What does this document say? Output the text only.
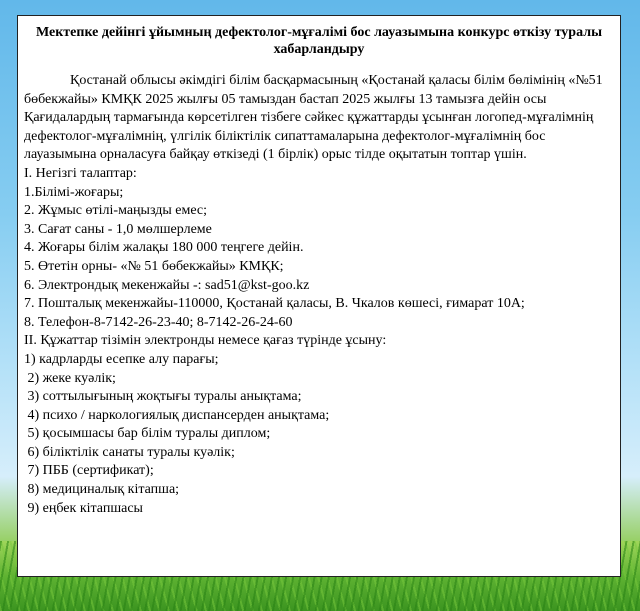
Мектепке дейінгі ұйымның дефектолог-мұғалімі бос лауазымына конкурс өткізу туралы хабарландыру

Қостанай облысы әкімдігі білім басқармасының «Қостанай қаласы білім бөлімінің «№51 бөбекжайы» КМҚК 2025 жылғы 05 тамыздан бастап 2025 жылғы 13 тамызға дейін осы Қағидалардың тармағында көрсетілген тізбеге сәйкес құжаттарды ұсынған логопед-мұғалімнің дефектолог-мұғалімнің, үлгілік біліктілік сипаттамаларына дефектолог-мұғалімнің бос лауазымына орналасуға байқау өткізеді (1 бірлік) орыс тілде оқытатын топтар үшін.

I. Негізгі талаптар:

1.Білімі-жоғары;

2. Жұмыс өтілі-маңызды емес;

3. Сағат саны - 1,0 мөлшерлеме

4. Жоғары білім жалақы 180 000 теңгеге дейін.

5. Өтетін орны- «№ 51 бөбекжайы» КМҚК;

6. Электрондық мекенжайы -: sad51@kst-goo.kz

7. Пошталық мекенжайы-110000, Қостанай қаласы, В. Чкалов көшесі, ғимарат 10А;

8. Телефон-8-7142-26-23-40; 8-7142-26-24-60

II. Құжаттар тізімін электронды немесе қағаз түрінде ұсыну:

1) кадрларды есепке алу парағы;

2) жеке куәлік;

3) соттылығының жоқтығы туралы анықтама;

4) психо / наркологиялық диспансерден анықтама;

5) қосымшасы бар білім туралы диплом;

6) біліктілік санаты туралы куәлік;

7) ПББ (сертификат);

8) медициналық кітапша;

9) еңбек кітапшасы
